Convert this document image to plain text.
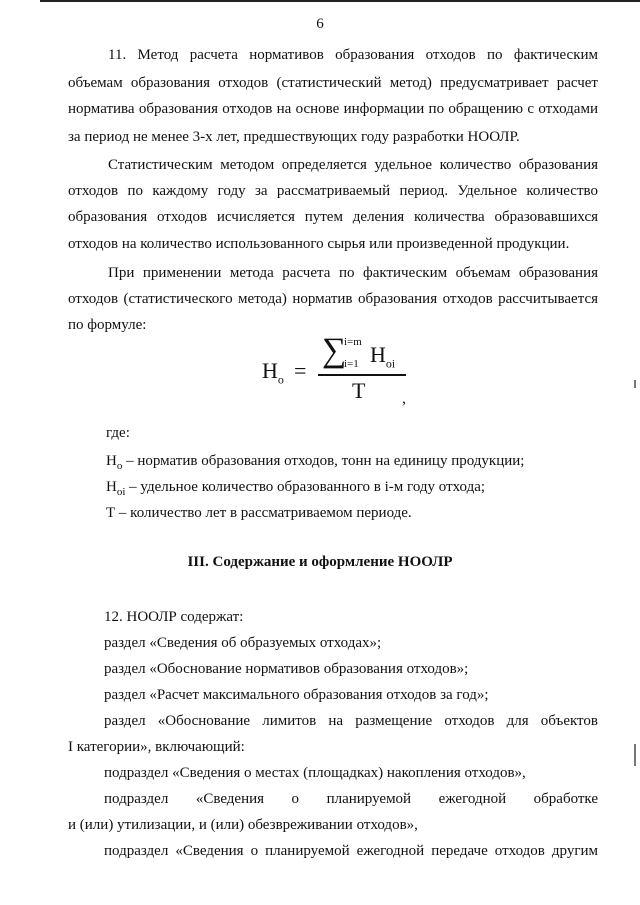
6
11. Метод расчета нормативов образования отходов по фактическим
объемам образования отходов (статистический метод) предусматривает расчет
норматива образования отходов на основе информации по обращению с отходами
за период не менее 3-х лет, предшествующих году разработки НООЛР.
Статистическим методом определяется удельное количество образования
отходов по каждому году за рассматриваемый период. Удельное количество
образования отходов исчисляется путем деления количества образовавшихся
отходов на количество использованного сырья или произведенной продукции.
При применении метода расчета по фактическим объемам образования
отходов (статистического метода) норматив образования отходов рассчитывается
по формуле:
$Н_о$ =
∑
i=m
i=1 $Н_{oi}$
Т ,
где:
$Н_о$ – норматив образования отходов, тонн на единицу продукции;
$Н_{oi}$ – удельное количество образованного в i-м году отхода;
Т – количество лет в рассматриваемом периоде.
III. Содержание и оформление НООЛР
12. НООЛР содержат:
раздел «Сведения об образуемых отходах»;
раздел «Обоснование нормативов образования отходов»;
раздел «Расчет максимального образования отходов за год»;
раздел «Обоснование лимитов на размещение отходов для объектов
I категории», включающий:
подраздел «Сведения о местах (площадках) накопления отходов»,
подраздел «Сведения о планируемой ежегодной обработке
и (или) утилизации, и (или) обезвреживании отходов»,
подраздел «Сведения о планируемой ежегодной передаче отходов другим
